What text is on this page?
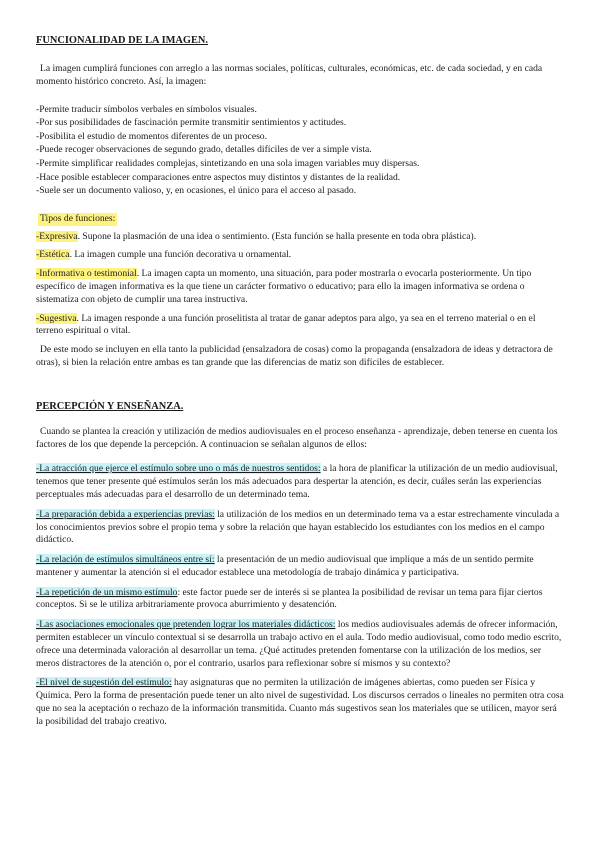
FUNCIONALIDAD DE LA IMAGEN.

La imagen cumplirá funciones con arreglo a las normas sociales, políticas, culturales, económicas, etc. de cada sociedad, y en cada momento histórico concreto. Así, la imagen:

-Permite traducir símbolos verbales en símbolos visuales.

-Por sus posibilidades de fascinación permite transmitir sentimientos y actitudes.

-Posibilita el estudio de momentos diferentes de un proceso.

-Puede recoger observaciones de segundo grado, detalles difíciles de ver a simple vista.

-Permite simplificar realidades complejas, sintetizando en una sola imagen variables muy dispersas.

-Hace posible establecer comparaciones entre aspectos muy distintos y distantes de la realidad.

-Suele ser un documento valioso, y, en ocasiones, el único para el acceso al pasado.

Tipos de funciones:

-Expresiva. Supone la plasmación de una idea o sentimiento. (Esta función se halla presente en toda obra plástica).

-Estética. La imagen cumple una función decorativa u ornamental.

-Informativa o testimonial. La imagen capta un momento, una situación, para poder mostrarla o evocarla posteriormente. Un tipo específico de imagen informativa es la que tiene un carácter formativo o educativo; para ello la imagen informativa se ordena o sistematiza con objeto de cumplir una tarea instructiva.

-Sugestiva. La imagen responde a una función proselitista al tratar de ganar adeptos para algo, ya sea en el terreno material o en el terreno espiritual o vital.

De este modo se incluyen en ella tanto la publicidad (ensalzadora de cosas) como la propaganda (ensalzadora de ideas y detractora de otras), si bien la relación entre ambas es tan grande que las diferencias de matiz son difíciles de establecer.

PERCEPCIÓN Y ENSEÑANZA.

Cuando se plantea la creación y utilización de medios audiovisuales en el proceso enseñanza - aprendizaje, deben tenerse en cuenta los factores de los que depende la percepción. A continuacion se señalan algunos de ellos:

-La atracción que ejerce el estímulo sobre uno o más de nuestros sentidos: a la hora de planificar la utilización de un medio audiovisual, tenemos que tener presente qué estímulos serán los más adecuados para despertar la atención, es decir, cuáles serán las experiencias perceptuales más adecuadas para el desarrollo de un determinado tema.

-La preparación debida a experiencias previas: la utilización de los medios en un determinado tema va a estar estrechamente vinculada a los conocimientos previos sobre el propio tema y sobre la relación que hayan establecido los estudiantes con los medios en el campo didáctico.

-La relación de estímulos simultáneos entre sí: la presentación de un medio audiovisual que implique a más de un sentido permite mantener y aumentar la atención si el educador establece una metodología de trabajo dinámica y participativa.

-La repetición de un mismo estímulo: este factor puede ser de interés si se plantea la posibilidad de revisar un tema para fijar ciertos conceptos. Si se le utiliza arbitrariamente provoca aburrimiento y desatención.

-Las asociaciones emocionales que pretenden lograr los materiales didácticos: los medios audiovisuales además de ofrecer información, permiten establecer un vínculo contextual si se desarrolla un trabajo activo en el aula. Todo medio audiovisual, como todo medio escrito, ofrece una determinada valoración al desarrollar un tema. ¿Qué actitudes pretenden fomentarse con la utilización de los medios, ser meros distractores de la atención o, por el contrario, usarlos para reflexionar sobre sí mismos y su contexto?

-El nivel de sugestión del estímulo: hay asignaturas que no permiten la utilización de imágenes abiertas, como pueden ser Física y Química. Pero la forma de presentación puede tener un alto nivel de sugestividad. Los discursos cerrados o lineales no permiten otra cosa que no sea la aceptación o rechazo de la información transmitida. Cuanto más sugestivos sean los materiales que se utilicen, mayor será la posibilidad del trabajo creativo.
